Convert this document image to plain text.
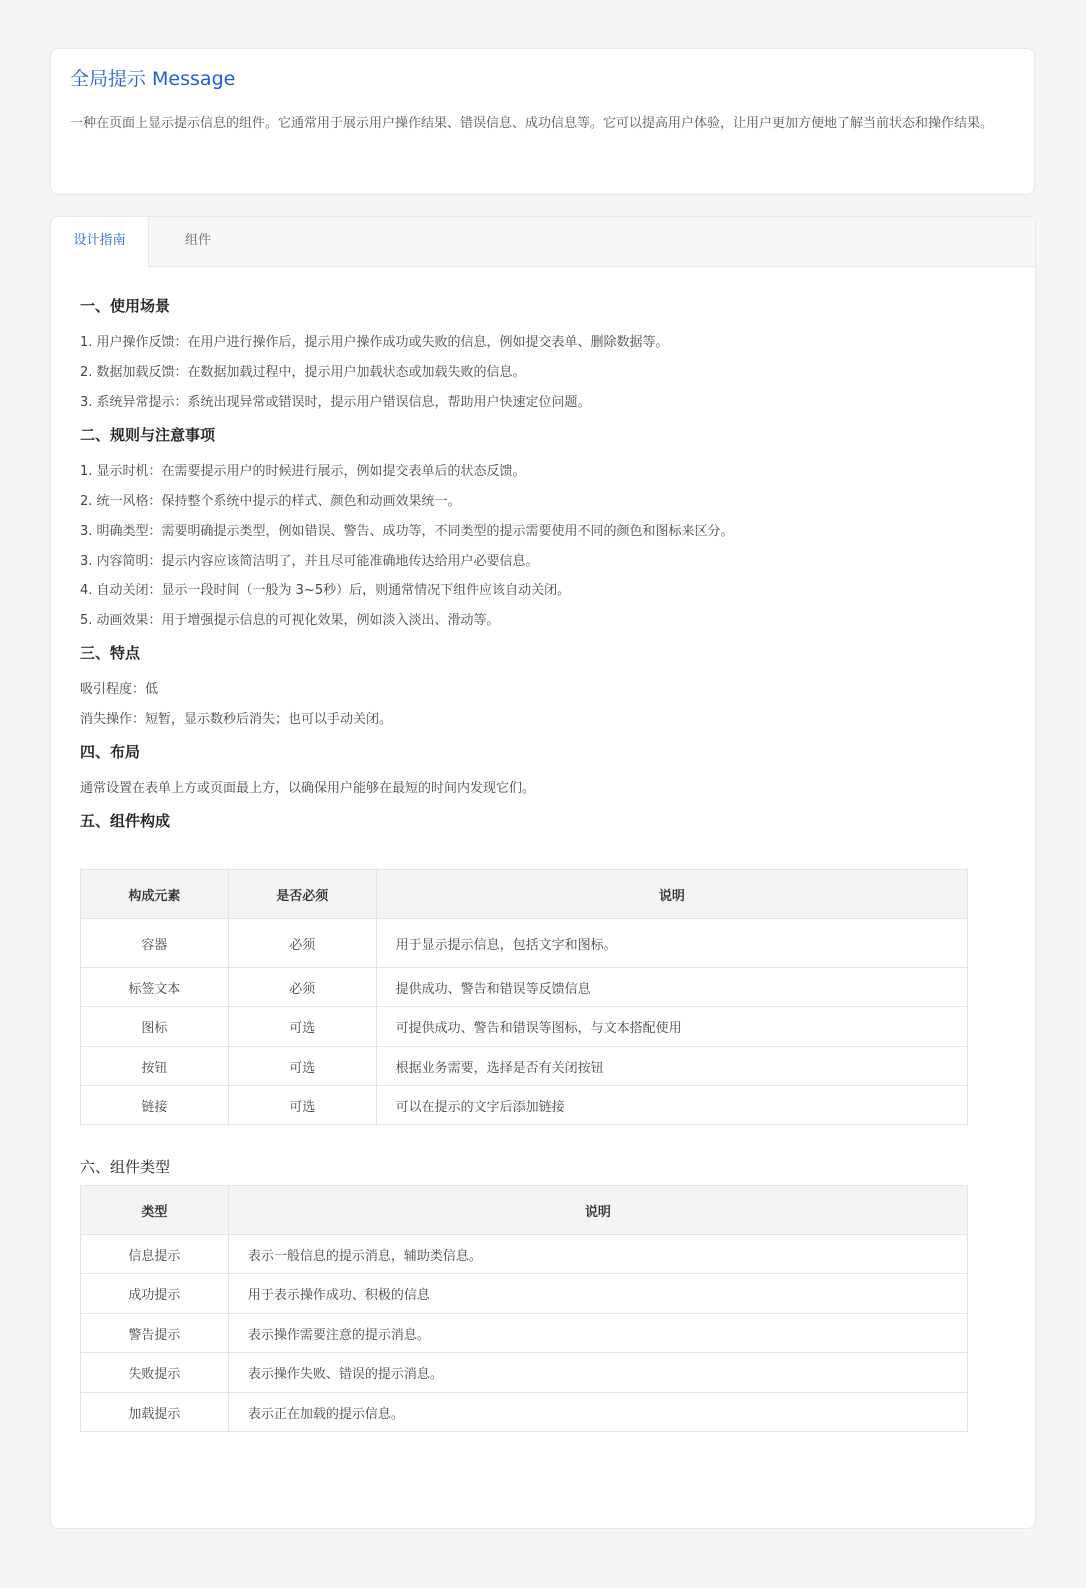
全局提示 Message
一种在页面上显示提示信息的组件。它通常用于展示用户操作结果、错误信息、成功信息等。它可以提高用户体验，让用户更加方便地了解当前状态和操作结果。
设计指南	组件
一、使用场景
1. 用户操作反馈：在用户进行操作后，提示用户操作成功或失败的信息，例如提交表单、删除数据等。
2. 数据加载反馈：在数据加载过程中，提示用户加载状态或加载失败的信息。
3. 系统异常提示：系统出现异常或错误时，提示用户错误信息，帮助用户快速定位问题。
二、规则与注意事项
1. 显示时机：在需要提示用户的时候进行展示，例如提交表单后的状态反馈。
2. 统一风格：保持整个系统中提示的样式、颜色和动画效果统一。
3. 明确类型：需要明确提示类型，例如错误、警告、成功等，不同类型的提示需要使用不同的颜色和图标来区分。
3. 内容简明：提示内容应该简洁明了，并且尽可能准确地传达给用户必要信息。
4. 自动关闭：显示一段时间（一般为 3~5秒）后，则通常情况下组件应该自动关闭。
5. 动画效果：用于增强提示信息的可视化效果，例如淡入淡出、滑动等。
三、特点
吸引程度：低
消失操作：短暂，显示数秒后消失；也可以手动关闭。
四、布局
通常设置在表单上方或页面最上方，以确保用户能够在最短的时间内发现它们。
五、组件构成
构成元素	是否必须	说明
容器	必须	用于显示提示信息，包括文字和图标。
标签文本	必须	提供成功、警告和错误等反馈信息
图标	可选	可提供成功、警告和错误等图标，与文本搭配使用
按钮	可选	根据业务需要，选择是否有关闭按钮
链接	可选	可以在提示的文字后添加链接
六、组件类型
类型	说明
信息提示	表示一般信息的提示消息，辅助类信息。
成功提示	用于表示操作成功、积极的信息
警告提示	表示操作需要注意的提示消息。
失败提示	表示操作失败、错误的提示消息。
加载提示	表示正在加载的提示信息。
